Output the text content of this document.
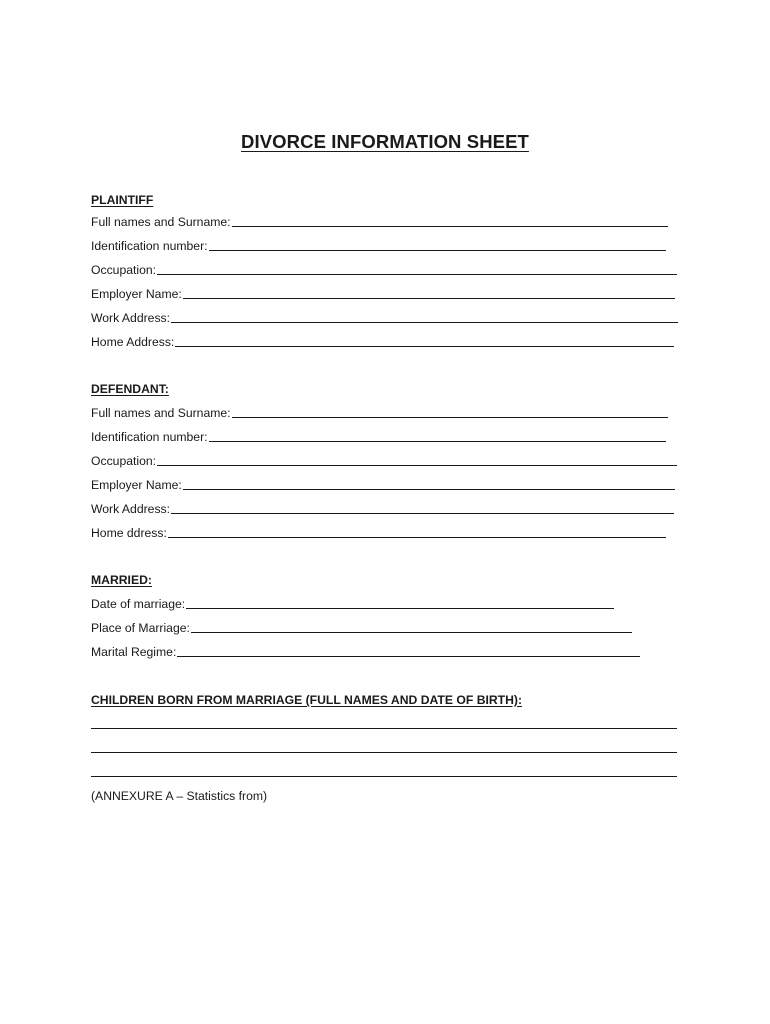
DIVORCE INFORMATION SHEET
PLAINTIFF
Full names and Surname:
Identification number:
Occupation:
Employer Name:
Work Address:
Home Address:
DEFENDANT:
Full names and Surname:
Identification number:
Occupation:
Employer Name:
Work Address:
Home ddress:
MARRIED:
Date of marriage:
Place of Marriage:
Marital Regime:
CHILDREN BORN FROM MARRIAGE (FULL NAMES AND DATE OF BIRTH):
(ANNEXURE A – Statistics from)
